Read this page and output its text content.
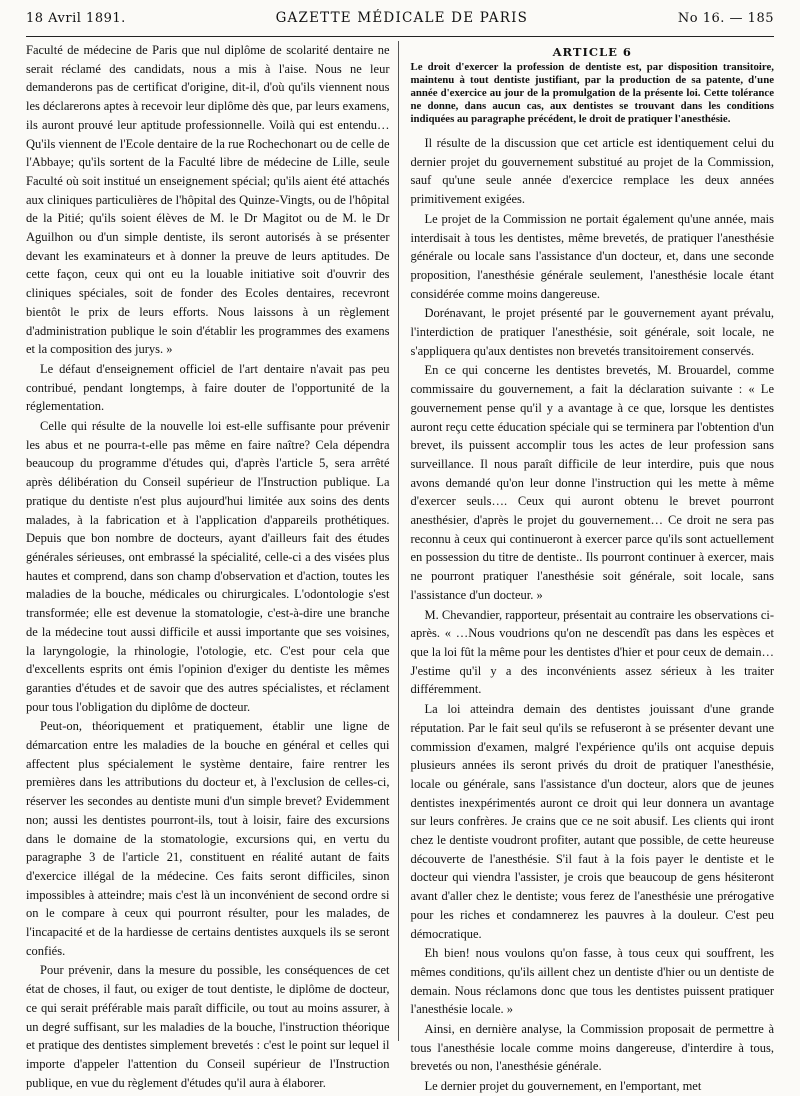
18 Avril 1891.	GAZETTE MÉDICALE DE PARIS	No 16. — 185

Faculté de médecine de Paris que nul diplôme de scolarité dentaire ne serait réclamé des candidats, nous a mis à l'aise. Nous ne leur demanderons pas de certificat d'origine, dit-il, d'où qu'ils viennent nous les déclarerons aptes à recevoir leur diplôme dès que, par leurs examens, ils auront prouvé leur aptitude professionnelle. Voilà qui est entendu… Qu'ils viennent de l'Ecole dentaire de la rue Rochechonart ou de celle de l'Abbaye; qu'ils sortent de la Faculté libre de médecine de Lille, seule Faculté où soit institué un enseignement spécial; qu'ils aient été attachés aux cliniques particulières de l'hôpital des Quinze-Vingts, ou de l'hôpital de la Pitié; qu'ils soient élèves de M. le Dr Magitot ou de M. le Dr Aguilhon ou d'un simple dentiste, ils seront autorisés à se présenter devant les examinateurs et à donner la preuve de leurs aptitudes. De cette façon, ceux qui ont eu la louable initiative soit d'ouvrir des cliniques spéciales, soit de fonder des Ecoles dentaires, recevront bientôt le prix de leurs efforts. Nous laissons à un règlement d'administration publique le soin d'établir les programmes des examens et la composition des jurys. »

Le défaut d'enseignement officiel de l'art dentaire n'avait pas peu contribué, pendant longtemps, à faire douter de l'opportunité de la réglementation.

Celle qui résulte de la nouvelle loi est-elle suffisante pour prévenir les abus et ne pourra-t-elle pas même en faire naître? Cela dépendra beaucoup du programme d'études qui, d'après l'article 5, sera arrêté après délibération du Conseil supérieur de l'Instruction publique. La pratique du dentiste n'est plus aujourd'hui limitée aux soins des dents malades, à la fabrication et à l'application d'appareils prothétiques. Depuis que bon nombre de docteurs, ayant d'ailleurs fait des études générales sérieuses, ont embrassé la spécialité, celle-ci a des visées plus hautes et comprend, dans son champ d'observation et d'action, toutes les maladies de la bouche, médicales ou chirurgicales. L'odontologie s'est transformée; elle est devenue la stomatologie, c'est-à-dire une branche de la médecine tout aussi difficile et aussi importante que ses voisines, la laryngologie, la rhinologie, l'otologie, etc. C'est pour cela que d'excellents esprits ont émis l'opinion d'exiger du dentiste les mêmes garanties d'études et de savoir que des autres spécialistes, et réclament pour tous l'obligation du diplôme de docteur.

Peut-on, théoriquement et pratiquement, établir une ligne de démarcation entre les maladies de la bouche en général et celles qui affectent plus spécialement le système dentaire, faire rentrer les premières dans les attributions du docteur et, à l'exclusion de celles-ci, réserver les secondes au dentiste muni d'un simple brevet? Evidemment non; aussi les dentistes pourront-ils, tout à loisir, faire des excursions dans le domaine de la stomatologie, excursions qui, en vertu du paragraphe 3 de l'article 21, constituent en réalité autant de faits d'exercice illégal de la médecine. Ces faits seront difficiles, sinon impossibles à atteindre; mais c'est là un inconvénient de second ordre si on le compare à ceux qui pourront résulter, pour les malades, de l'incapacité et de la hardiesse de certains dentistes auxquels ils se seront confiés.

Pour prévenir, dans la mesure du possible, les conséquences de cet état de choses, il faut, ou exiger de tout dentiste, le diplôme de docteur, ce qui serait préférable mais paraît difficile, ou tout au moins assurer, à un degré suffisant, sur les maladies de la bouche, l'instruction théorique et pratique des dentistes simplement brevetés : c'est le point sur lequel il importe d'appeler l'attention du Conseil supérieur de l'Instruction publique, en vue du règlement d'études qu'il aura à élaborer.

ARTICLE 6
Le droit d'exercer la profession de dentiste est, par disposition transitoire, maintenu à tout dentiste justifiant, par la production de sa patente, d'une année d'exercice au jour de la promulgation de la présente loi. Cette tolérance ne donne, dans aucun cas, aux dentistes se trouvant dans les conditions indiquées au paragraphe précédent, le droit de pratiquer l'anesthésie.

Il résulte de la discussion que cet article est identiquement celui du dernier projet du gouvernement substitué au projet de la Commission, sauf qu'une seule année d'exercice remplace les deux années primitivement exigées.

Le projet de la Commission ne portait également qu'une année, mais interdisait à tous les dentistes, même brevetés, de pratiquer l'anesthésie générale ou locale sans l'assistance d'un docteur, et, dans une seconde proposition, l'anesthésie générale seulement, l'anesthésie locale étant considérée comme moins dangereuse.

Dorénavant, le projet présenté par le gouvernement ayant prévalu, l'interdiction de pratiquer l'anesthésie, soit générale, soit locale, ne s'appliquera qu'aux dentistes non brevetés transitoirement conservés.

En ce qui concerne les dentistes brevetés, M. Brouardel, comme commissaire du gouvernement, a fait la déclaration suivante : « Le gouvernement pense qu'il y a avantage à ce que, lorsque les dentistes auront reçu cette éducation spéciale qui se terminera par l'obtention d'un brevet, ils puissent accomplir tous les actes de leur profession sans surveillance. Il nous paraît difficile de leur interdire, puis que nous avons demandé qu'on leur donne l'instruction qui les mette à même d'exercer seuls…. Ceux qui auront obtenu le brevet pourront anesthésier, d'après le projet du gouvernement… Ce droit ne sera pas reconnu à ceux qui continueront à exercer parce qu'ils sont actuellement en possession du titre de dentiste.. Ils pourront continuer à exercer, mais ne pourront pratiquer l'anesthésie soit générale, soit locale, sans l'assistance d'un docteur. »

M. Chevandier, rapporteur, présentait au contraire les observations ci-après. « …Nous voudrions qu'on ne descendît pas dans les espèces et que la loi fût la même pour les dentistes d'hier et pour ceux de demain… J'estime qu'il y a des inconvénients assez sérieux à les traiter différemment.

La loi atteindra demain des dentistes jouissant d'une grande réputation. Par le fait seul qu'ils se refuseront à se présenter devant une commission d'examen, malgré l'expérience qu'ils ont acquise depuis plusieurs années ils seront privés du droit de pratiquer l'anesthésie, locale ou générale, sans l'assistance d'un docteur, alors que de jeunes dentistes inexpérimentés auront ce droit qui leur donnera un avantage sur leurs confrères. Je crains que ce ne soit abusif. Les clients qui iront chez le dentiste voudront profiter, autant que possible, de cette heureuse découverte de l'anesthésie. S'il faut à la fois payer le dentiste et le docteur qui viendra l'assister, je crois que beaucoup de gens hésiteront avant d'aller chez le dentiste; vous ferez de l'anesthésie une prérogative pour les riches et condamnerez les pauvres à la douleur. C'est peu démocratique.

Eh bien! nous voulons qu'on fasse, à tous ceux qui souffrent, les mêmes conditions, qu'ils aillent chez un dentiste d'hier ou un dentiste de demain. Nous réclamons donc que tous les dentistes puissent pratiquer l'anesthésie locale. »

Ainsi, en dernière analyse, la Commission proposait de permettre à tous l'anesthésie locale comme moins dangereuse, d'interdire à tous, brevetés ou non, l'anesthésie générale.

Le dernier projet du gouvernement, en l'emportant, met
